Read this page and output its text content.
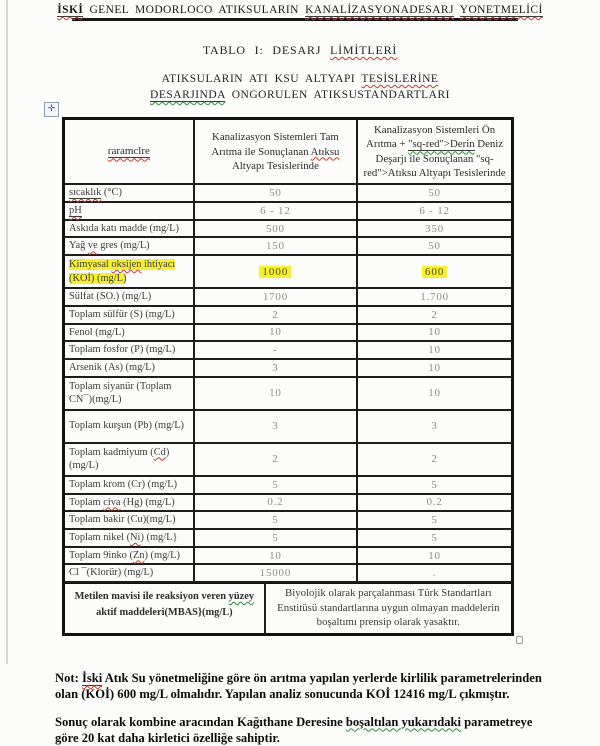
İSKİ GENEL MODORLOCO ATIKSULARIN KANALİZASYONADESARJ YONETMELİCİ
TABLO I: DESARJ LİMİTLERİ
ATIKSULARIN ATI KSU ALTYAPI TESİSLERİNE
DESARJINDA ONGORULEN ATIKSUSTANDARTLARI
✛
raramclre	Kanalizasyon Sistemleri Tam Arıtma ile Sonuçlanan Atıksu Altyapı Tesislerinde	Kanalizasyon Sistemleri Ön Arıtma + "sq-red">Derin Deniz Deşarjı ile Sonuçlanan "sq-red">Atıksu Altyapı Tesislerinde
sıcaklık (°C)	50	50
pH	6 - 12	6 - 12
Askıda katı madde (mg/L)	500	350
Yağ ve gres (mg/L)	150	50
Kimyasal oksijen ihtiyacı (KOİ) (mg/L)	1000	600
Sülfat (SO.) (mg/L)	1700	1.700
Toplam sülfür (S) (mg/L)	2	2
Fenol (mg/L)	10	10
Toplam fosfor (P) (mg/L)	-	10
Arsenik (As) (mg/L)	3	10
Toplam siyanür (Toplam CN¯)(mg/L)	10	10
Toplam kurşun (Pb) (mg/L)	3	3
Toplam kadmiyum (Cd) (mg/L)	2	2
Toplam krom (Cr) (mg/L)	5	5
Toplam civa (Hg) (mg/L)	0.2	0.2
Toplam bakir (Cu)(mg/L)	5	5
Toplam nikel (Ni) (mg/L}	5	5
Toplam 9inko (Zn) (mg/L)	10	10
Cl ¯(Klorür) (mg/L)	15000	.
Metilen mavisi ile reaksiyon veren yüzey aktif maddeleri(MBAS}(mg/L)
Biyolojik olarak parçalanması Türk Standartları Enstitüsü standartlarına uygun olmayan maddelerin boşaltımı prensip olarak yasaktır.

Not: İski Atık Su yönetmeliğine göre ön arıtma yapılan yerlerde kirlilik parametrelerinden olan (KOİ) 600 mg/L olmalıdır. Yapılan analiz sonucunda KOİ 12416 mg/L çıkmıştır.

Sonuç olarak kombine aracından Kağıthane Deresine boşaltılan yukarıdaki parametreye göre 20 kat daha kirletici özelliğe sahiptir.
